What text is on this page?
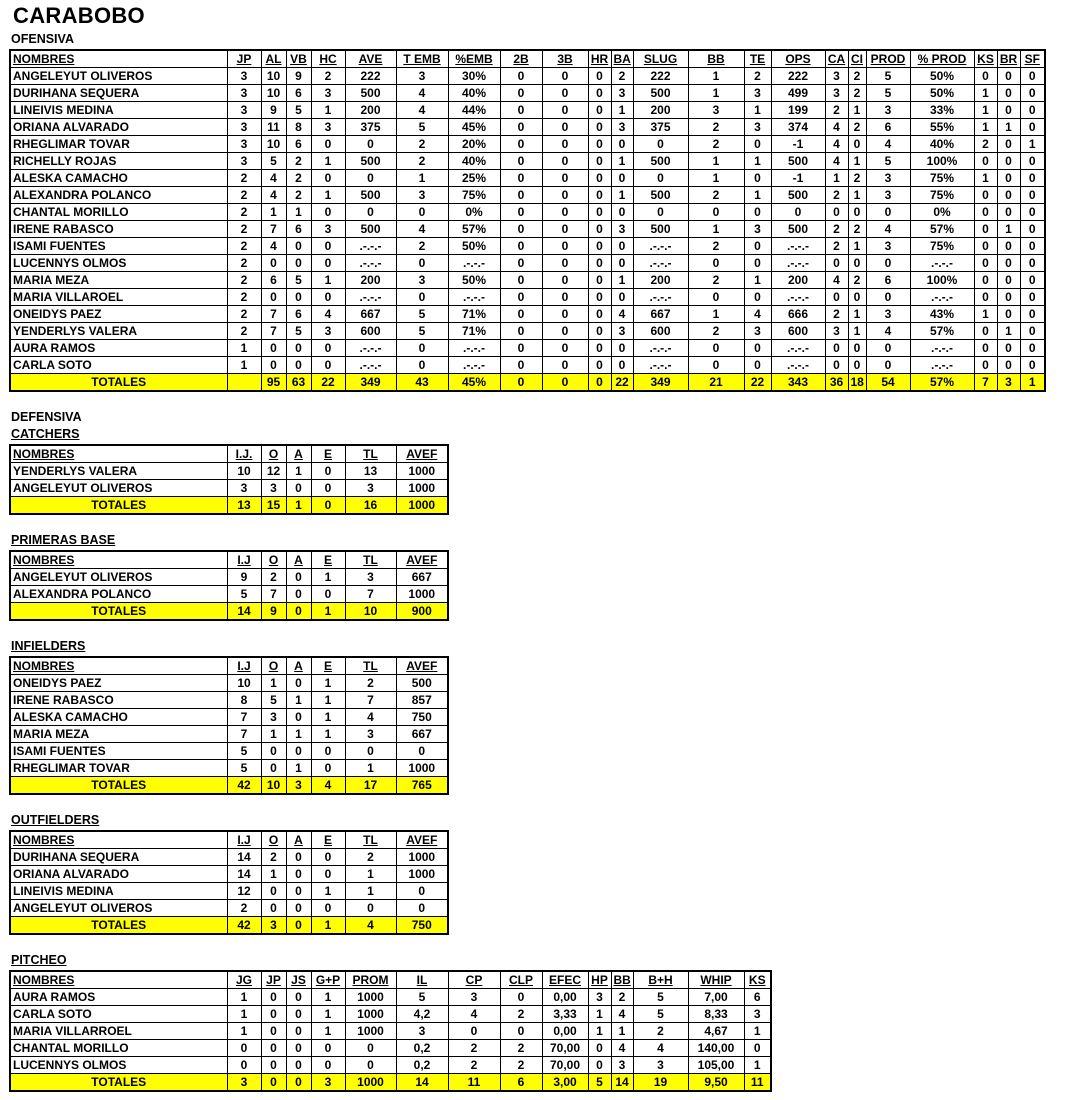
CARABOBO
OFENSIVA
NOMBRES	JP	AL	VB	HC	AVE	T EMB	%EMB	2B	3B	HR	BA	SLUG	BB	TE	OPS	CA	CI	PROD	% PROD	KS	BR	SF
ANGELEYUT OLIVEROS	3	10	9	2	222	3	30%	0	0	0	2	222	1	2	222	3	2	5	50%	0	0	0
DURIHANA SEQUERA	3	10	6	3	500	4	40%	0	0	0	3	500	1	3	499	3	2	5	50%	1	0	0
LINEIVIS MEDINA	3	9	5	1	200	4	44%	0	0	0	1	200	3	1	199	2	1	3	33%	1	0	0
ORIANA ALVARADO	3	11	8	3	375	5	45%	0	0	0	3	375	2	3	374	4	2	6	55%	1	1	0
RHEGLIMAR TOVAR	3	10	6	0	0	2	20%	0	0	0	0	0	2	0	-1	4	0	4	40%	2	0	1
RICHELLY ROJAS	3	5	2	1	500	2	40%	0	0	0	1	500	1	1	500	4	1	5	100%	0	0	0
ALESKA CAMACHO	2	4	2	0	0	1	25%	0	0	0	0	0	1	0	-1	1	2	3	75%	1	0	0
ALEXANDRA POLANCO	2	4	2	1	500	3	75%	0	0	0	1	500	2	1	500	2	1	3	75%	0	0	0
CHANTAL MORILLO	2	1	1	0	0	0	0%	0	0	0	0	0	0	0	0	0	0	0	0%	0	0	0
IRENE RABASCO	2	7	6	3	500	4	57%	0	0	0	3	500	1	3	500	2	2	4	57%	0	1	0
ISAMI FUENTES	2	4	0	0	.-.-.-	2	50%	0	0	0	0	.-.-.-	2	0	.-.-.-	2	1	3	75%	0	0	0
LUCENNYS OLMOS	2	0	0	0	.-.-.-	0	.-.-.-	0	0	0	0	.-.-.-	0	0	.-.-.-	0	0	0	.-.-.-	0	0	0
MARIA MEZA	2	6	5	1	200	3	50%	0	0	0	1	200	2	1	200	4	2	6	100%	0	0	0
MARIA VILLAROEL	2	0	0	0	.-.-.-	0	.-.-.-	0	0	0	0	.-.-.-	0	0	.-.-.-	0	0	0	.-.-.-	0	0	0
ONEIDYS PAEZ	2	7	6	4	667	5	71%	0	0	0	4	667	1	4	666	2	1	3	43%	1	0	0
YENDERLYS VALERA	2	7	5	3	600	5	71%	0	0	0	3	600	2	3	600	3	1	4	57%	0	1	0
AURA RAMOS	1	0	0	0	.-.-.-	0	.-.-.-	0	0	0	0	.-.-.-	0	0	.-.-.-	0	0	0	.-.-.-	0	0	0
CARLA SOTO	1	0	0	0	.-.-.-	0	.-.-.-	0	0	0	0	.-.-.-	0	0	.-.-.-	0	0	0	.-.-.-	0	0	0
TOTALES		95	63	22	349	43	45%	0	0	0	22	349	21	22	343	36	18	54	57%	7	3	1
DEFENSIVA
CATCHERS
NOMBRES	I.J.	O	A	E	TL	AVEF
YENDERLYS VALERA	10	12	1	0	13	1000
ANGELEYUT OLIVEROS	3	3	0	0	3	1000
TOTALES	13	15	1	0	16	1000
PRIMERAS BASE
NOMBRES	I.J	O	A	E	TL	AVEF
ANGELEYUT OLIVEROS	9	2	0	1	3	667
ALEXANDRA POLANCO	5	7	0	0	7	1000
TOTALES	14	9	0	1	10	900
INFIELDERS
NOMBRES	I.J	O	A	E	TL	AVEF
ONEIDYS PAEZ	10	1	0	1	2	500
IRENE RABASCO	8	5	1	1	7	857
ALESKA CAMACHO	7	3	0	1	4	750
MARIA MEZA	7	1	1	1	3	667
ISAMI FUENTES	5	0	0	0	0	0
RHEGLIMAR TOVAR	5	0	1	0	1	1000
TOTALES	42	10	3	4	17	765
OUTFIELDERS
NOMBRES	I.J	O	A	E	TL	AVEF
DURIHANA SEQUERA	14	2	0	0	2	1000
ORIANA ALVARADO	14	1	0	0	1	1000
LINEIVIS MEDINA	12	0	0	1	1	0
ANGELEYUT OLIVEROS	2	0	0	0	0	0
TOTALES	42	3	0	1	4	750
PITCHEO
NOMBRES	JG	JP	JS	G+P	PROM	IL	CP	CLP	EFEC	HP	BB	B+H	WHIP	KS
AURA RAMOS	1	0	0	1	1000	5	3	0	0,00	3	2	5	7,00	6
CARLA SOTO	1	0	0	1	1000	4,2	4	2	3,33	1	4	5	8,33	3
MARIA VILLARROEL	1	0	0	1	1000	3	0	0	0,00	1	1	2	4,67	1
CHANTAL MORILLO	0	0	0	0	0	0,2	2	2	70,00	0	4	4	140,00	0
LUCENNYS OLMOS	0	0	0	0	0	0,2	2	2	70,00	0	3	3	105,00	1
TOTALES	3	0	0	3	1000	14	11	6	3,00	5	14	19	9,50	11
